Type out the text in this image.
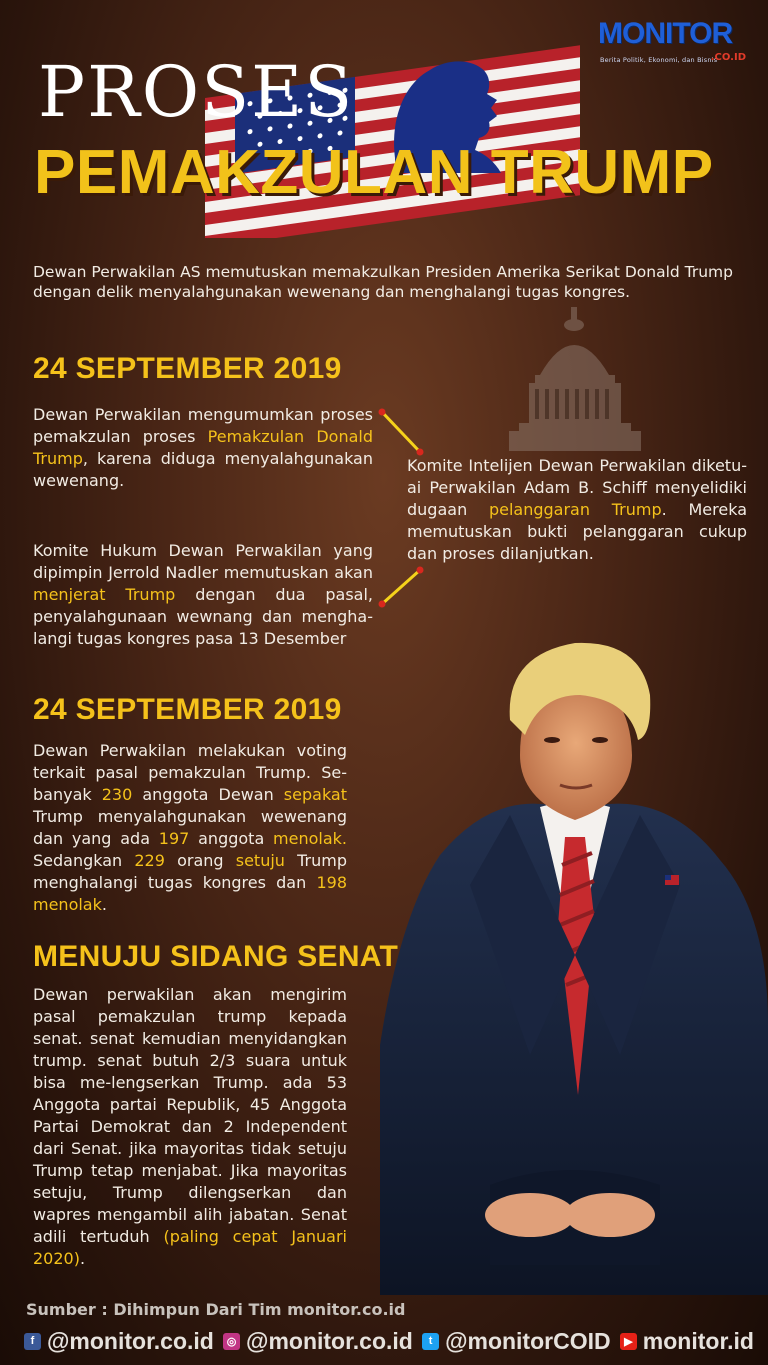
MONITOR
Berita Politik, Ekonomi, dan Bisnis
.CO.ID
PROSES
PEMAKZULAN TRUMP
Dewan Perwakilan AS memutuskan memakzulkan Presiden Amerika Serikat Donald Trump dengan delik menyalahgunakan wewenang dan menghalangi tugas kongres.
24 SEPTEMBER 2019
Dewan Perwakilan mengumumkan proses pemakzulan proses Pemakzulan Donald Trump, karena diduga menyalahgunakan wewenang.
Komite Intelijen Dewan Perwakilan diketu-ai Perwakilan Adam B. Schiff menyelidiki dugaan pelanggaran Trump. Mereka memutuskan bukti pelanggaran cukup dan proses dilanjutkan.
Komite Hukum Dewan Perwakilan yang dipimpin Jerrold Nadler memutuskan akan menjerat Trump dengan dua pasal, penyalahgunaan wewnang dan mengha-langi tugas kongres pasa 13 Desember
24 SEPTEMBER 2019
Dewan Perwakilan melakukan voting terkait pasal pemakzulan Trump. Se-banyak 230 anggota Dewan sepakat Trump menyalahgunakan wewenang dan yang ada 197 anggota menolak. Sedangkan 229 orang setuju Trump menghalangi tugas kongres dan 198 menolak.
MENUJU SIDANG SENAT
Dewan perwakilan akan mengirim pasal pemakzulan trump kepada senat. senat kemudian menyidangkan trump. senat butuh 2/3 suara untuk bisa me-lengserkan Trump. ada 53 Anggota partai Republik, 45 Anggota Partai Demokrat dan 2 Independent dari Senat. jika mayoritas tidak setuju Trump tetap menjabat. Jika mayoritas setuju, Trump dilengserkan dan wapres mengambil alih jabatan. Senat adili tertuduh (paling cepat Januari 2020).
Sumber : Dihimpun Dari Tim monitor.co.id
f @monitor.co.id	◎ @monitor.co.id	t @monitorCOID	▶ monitor.id
